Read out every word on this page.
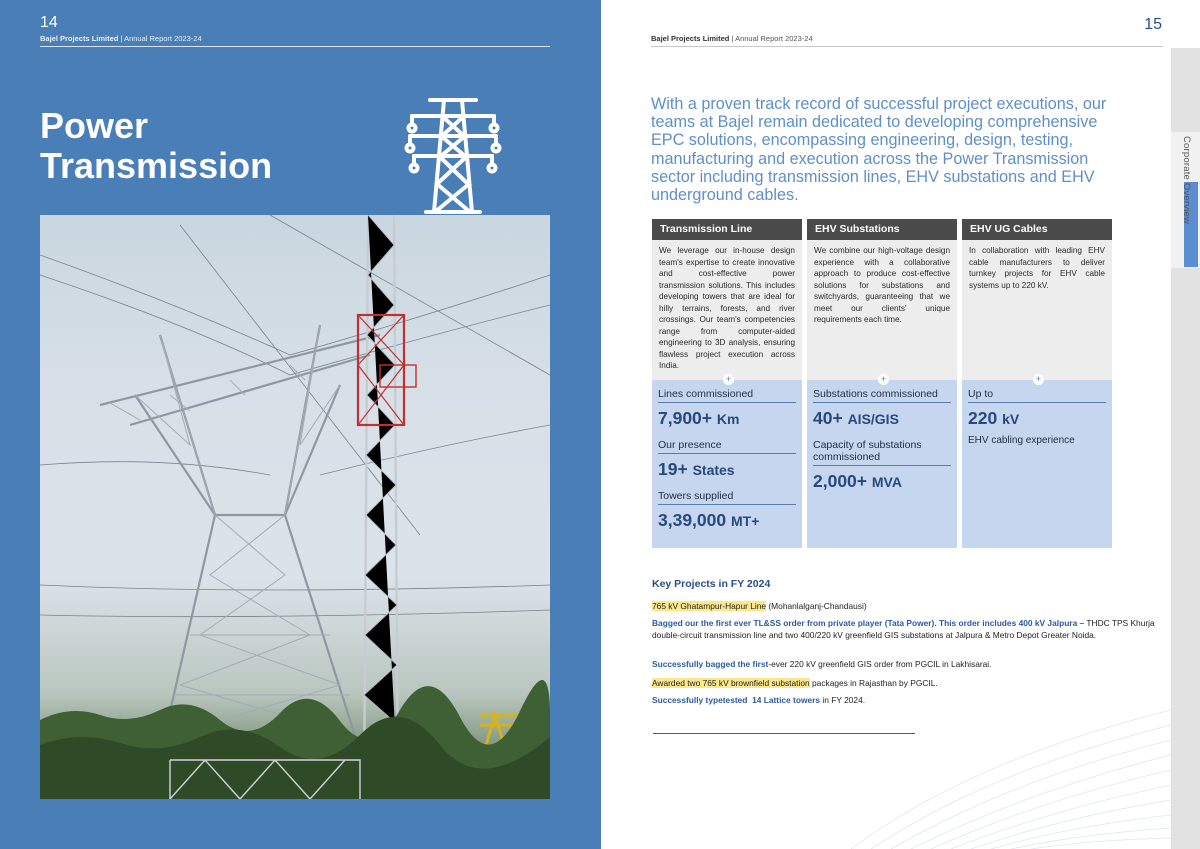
14
Bajel Projects Limited | Annual Report 2023-24
Power
Transmission
15
Bajel Projects Limited | Annual Report 2023-24
Corporate Overview
With a proven track record of successful project executions, our teams at Bajel remain dedicated to developing comprehensive EPC solutions, encompassing engineering, design, testing, manufacturing and execution across the Power Transmission sector including transmission lines, EHV substations and EHV underground cables.
Transmission Line
We leverage our in-house design team's expertise to create innovative and cost-effective power transmission solutions. This includes developing towers that are ideal for hilly terrains, forests, and river crossings. Our team's competencies range from computer-aided engineering to 3D analysis, ensuring flawless project execution across India.
+
Lines commissioned
7,900+ Km
Our presence
19+ States
Towers supplied
3,39,000 MT+
EHV Substations
We combine our high-voltage design experience with a collaborative approach to produce cost-effective solutions for substations and switchyards, guaranteeing that we meet our clients' unique requirements each time.
+
Substations commissioned
40+ AIS/GIS
Capacity of substations commissioned
2,000+ MVA
EHV UG Cables
In collaboration with leading EHV cable manufacturers to deliver turnkey projects for EHV cable systems up to 220 kV.
+
Up to
220 kV
EHV cabling experience
Key Projects in FY 2024
765 kV Ghatampur-Hapur Line (Mohanlalganj-Chandausi)
Bagged our the first ever TL&SS order from private player (Tata Power). This order includes 400 kV Jalpura – THDC TPS Khurja double-circuit transmission line and two 400/220 kV greenfield GIS substations at Jalpura & Metro Depot Greater Noida.
Successfully bagged the first-ever 220 kV greenfield GIS order from PGCIL in Lakhisarai.
Awarded two 765 kV brownfield substation packages in Rajasthan by PGCIL.
Successfully typetested  14 Lattice towers in FY 2024.
